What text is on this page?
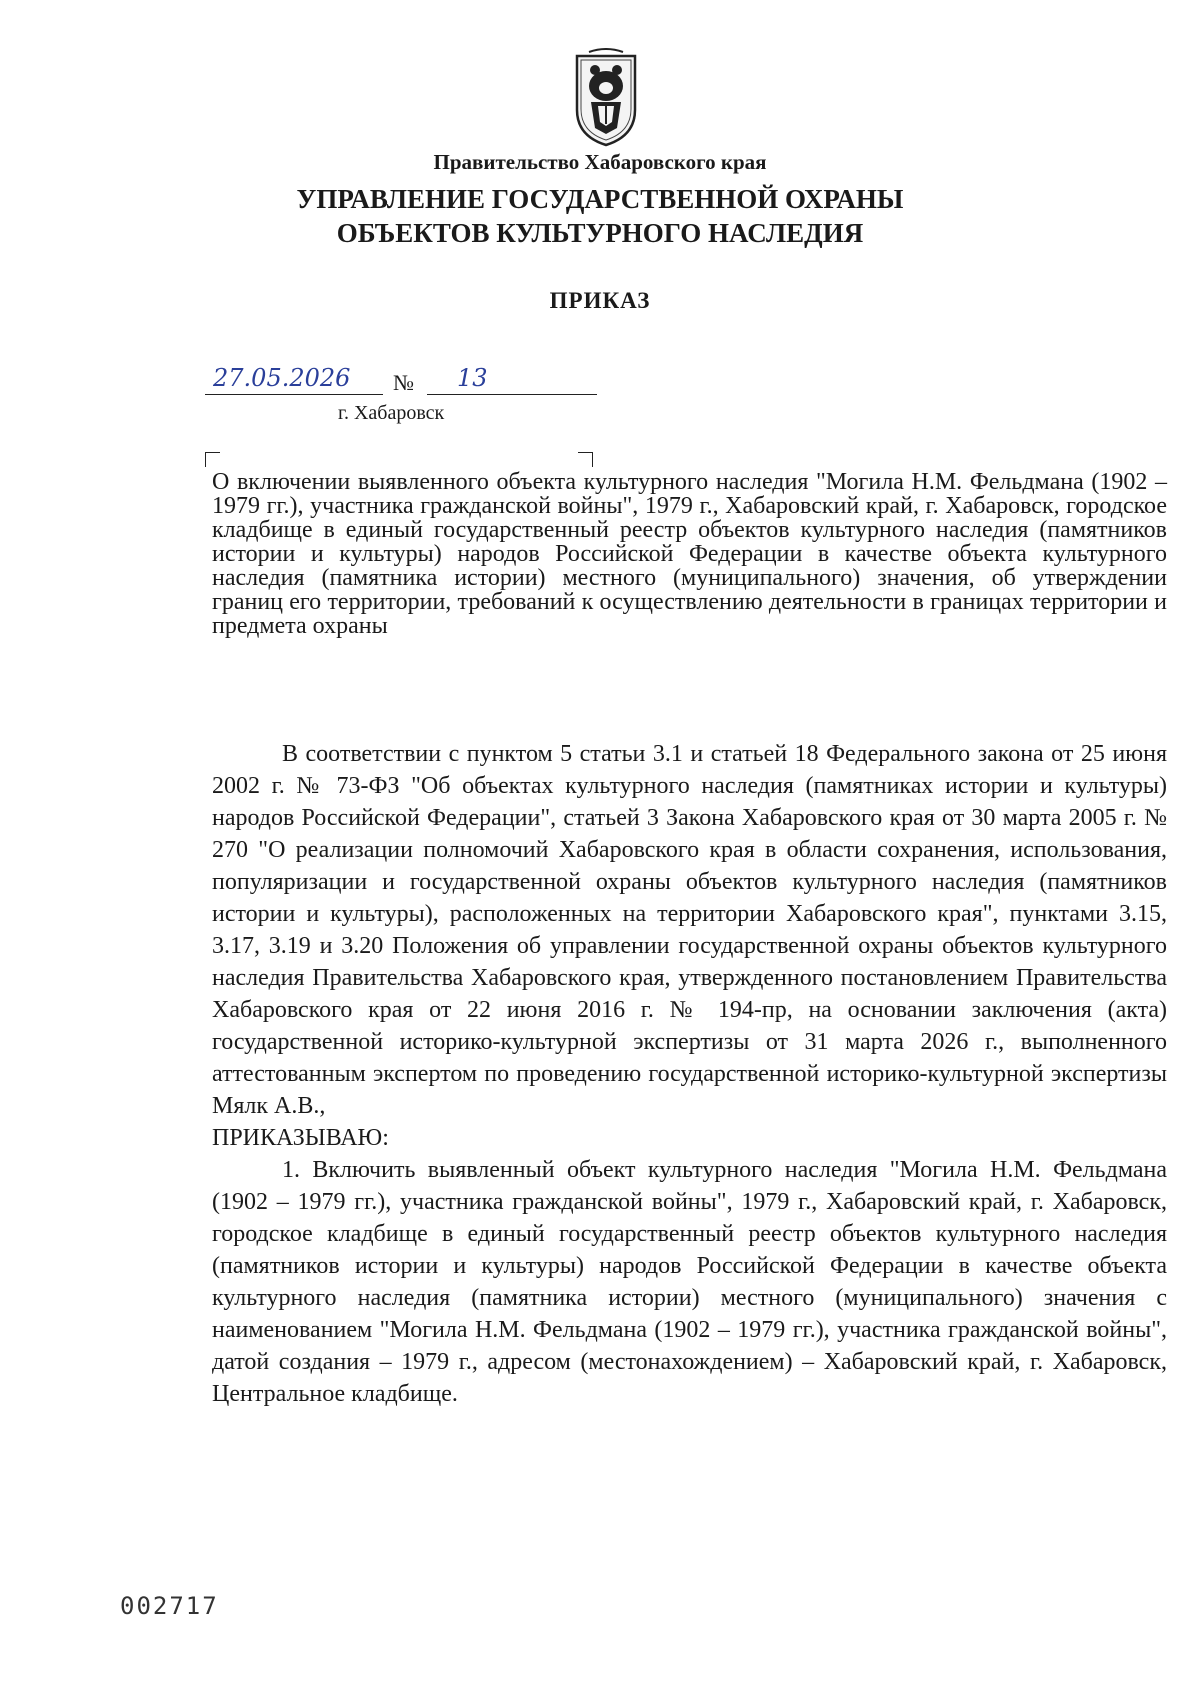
Правительство Хабаровского края
УПРАВЛЕНИЕ ГОСУДАРСТВЕННОЙ ОХРАНЫ
ОБЪЕКТОВ КУЛЬТУРНОГО НАСЛЕДИЯ
ПРИКАЗ
27.05.2026 № 13
г. Хабаровск
О включении выявленного объекта культурного наследия "Могила Н.М. Фельдмана (1902 – 1979 гг.), участника гражданской войны", 1979 г., Хабаровский край, г. Хабаровск, городское кладбище в единый государственный реестр объектов культурного наследия (памятников истории и культуры) народов Российской Федерации в качестве объекта культурного наследия (памятника истории) местного (муниципального) значения, об утверждении границ его территории, требований к осуществлению деятельности в границах территории и предмета охраны

В соответствии с пунктом 5 статьи 3.1 и статьей 18 Федерального закона от 25 июня 2002 г. № 73-ФЗ "Об объектах культурного наследия (памятниках истории и культуры) народов Российской Федерации", статьей 3 Закона Хабаровского края от 30 марта 2005 г. № 270 "О реализации полномочий Хабаровского края в области сохранения, использования, популяризации и государственной охраны объектов культурного наследия (памятников истории и культуры), расположенных на территории Хабаровского края", пунктами 3.15, 3.17, 3.19 и 3.20 Положения об управлении государственной охраны объектов культурного наследия Правительства Хабаровского края, утвержденного постановлением Правительства Хабаровского края от 22 июня 2016 г. № 194-пр, на основании заключения (акта) государственной историко-культурной экспертизы от 31 марта 2026 г., выполненного аттестованным экспертом по проведению государственной историко-культурной экспертизы Мялк А.В.,

ПРИКАЗЫВАЮ:

1. Включить выявленный объект культурного наследия "Могила Н.М. Фельдмана (1902 – 1979 гг.), участника гражданской войны", 1979 г., Хабаровский край, г. Хабаровск, городское кладбище в единый государственный реестр объектов культурного наследия (памятников истории и культуры) народов Российской Федерации в качестве объекта культурного наследия (памятника истории) местного (муниципального) значения с наименованием "Могила Н.М. Фельдмана (1902 – 1979 гг.), участника гражданской войны", датой создания – 1979 г., адресом (местонахождением) – Хабаровский край, г. Хабаровск, Центральное кладбище.

002717
